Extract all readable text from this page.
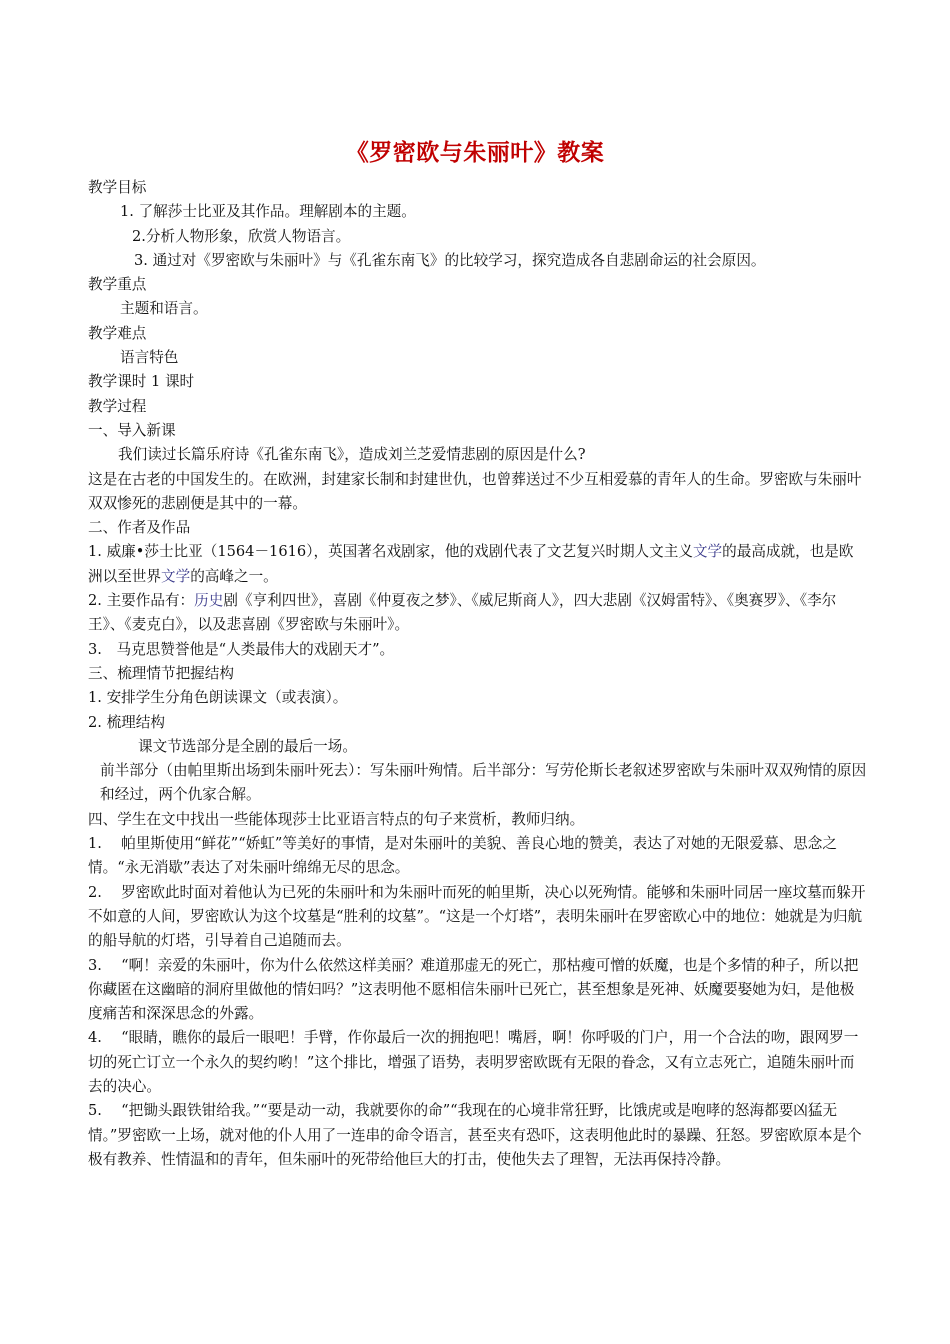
《罗密欧与朱丽叶》教案

教学目标

1. 了解莎士比亚及其作品。理解剧本的主题。

2.分析人物形象，欣赏人物语言。

3. 通过对《罗密欧与朱丽叶》与《孔雀东南飞》的比较学习，探究造成各自悲剧命运的社会原因。

教学重点

主题和语言。

教学难点

语言特色

教学课时 1 课时

教学过程

一、导入新课

我们读过长篇乐府诗《孔雀东南飞》，造成刘兰芝爱情悲剧的原因是什么?

这是在古老的中国发生的。在欧洲，封建家长制和封建世仇，也曾葬送过不少互相爱慕的青年人的生命。罗密欧与朱丽叶双双惨死的悲剧便是其中的一幕。

二、作者及作品

1. 威廉•莎士比亚（1564－1616），英国著名戏剧家，他的戏剧代表了文艺复兴时期人文主义文学的最高成就，也是欧洲以至世界文学的高峰之一。

2. 主要作品有：历史剧《亨利四世》，喜剧《仲夏夜之梦》、《威尼斯商人》，四大悲剧《汉姆雷特》、《奥赛罗》、《李尔王》、《麦克白》，以及悲喜剧《罗密欧与朱丽叶》。

3.　马克思赞誉他是“人类最伟大的戏剧天才”。

三、梳理情节把握结构

1. 安排学生分角色朗读课文（或表演）。

2. 梳理结构

课文节选部分是全剧的最后一场。

前半部分（由帕里斯出场到朱丽叶死去）：写朱丽叶殉情。后半部分：写劳伦斯长老叙述罗密欧与朱丽叶双双殉情的原因和经过，两个仇家合解。

四、学生在文中找出一些能体现莎士比亚语言特点的句子来赏析，教师归纳。

1.　 帕里斯使用“鲜花”“娇虹”等美好的事情，是对朱丽叶的美貌、善良心地的赞美，表达了对她的无限爱慕、思念之情。“永无消歇”表达了对朱丽叶绵绵无尽的思念。

2.　 罗密欧此时面对着他认为已死的朱丽叶和为朱丽叶而死的帕里斯，决心以死殉情。能够和朱丽叶同居一座坟墓而躲开不如意的人间，罗密欧认为这个坟墓是“胜利的坟墓”。“这是一个灯塔”，表明朱丽叶在罗密欧心中的地位：她就是为归航的船导航的灯塔，引导着自己追随而去。

3.　 “啊！亲爱的朱丽叶，你为什么依然这样美丽？难道那虚无的死亡，那枯瘦可憎的妖魔，也是个多情的种子，所以把你藏匿在这幽暗的洞府里做他的情妇吗？”这表明他不愿相信朱丽叶已死亡，甚至想象是死神、妖魔要娶她为妇，是他极度痛苦和深深思念的外露。

4.　 “眼睛，瞧你的最后一眼吧！手臂，作你最后一次的拥抱吧！嘴唇，啊！你呼吸的门户，用一个合法的吻，跟网罗一切的死亡订立一个永久的契约哟！”这个排比，增强了语势，表明罗密欧既有无限的眷念，又有立志死亡，追随朱丽叶而去的决心。

5.　 “把锄头跟铁钳给我。”“要是动一动，我就要你的命”“我现在的心境非常狂野，比饿虎或是咆哮的怒海都要凶猛无情。”罗密欧一上场，就对他的仆人用了一连串的命令语言，甚至夹有恐吓，这表明他此时的暴躁、狂怒。罗密欧原本是个极有教养、性情温和的青年，但朱丽叶的死带给他巨大的打击，使他失去了理智，无法再保持冷静。
